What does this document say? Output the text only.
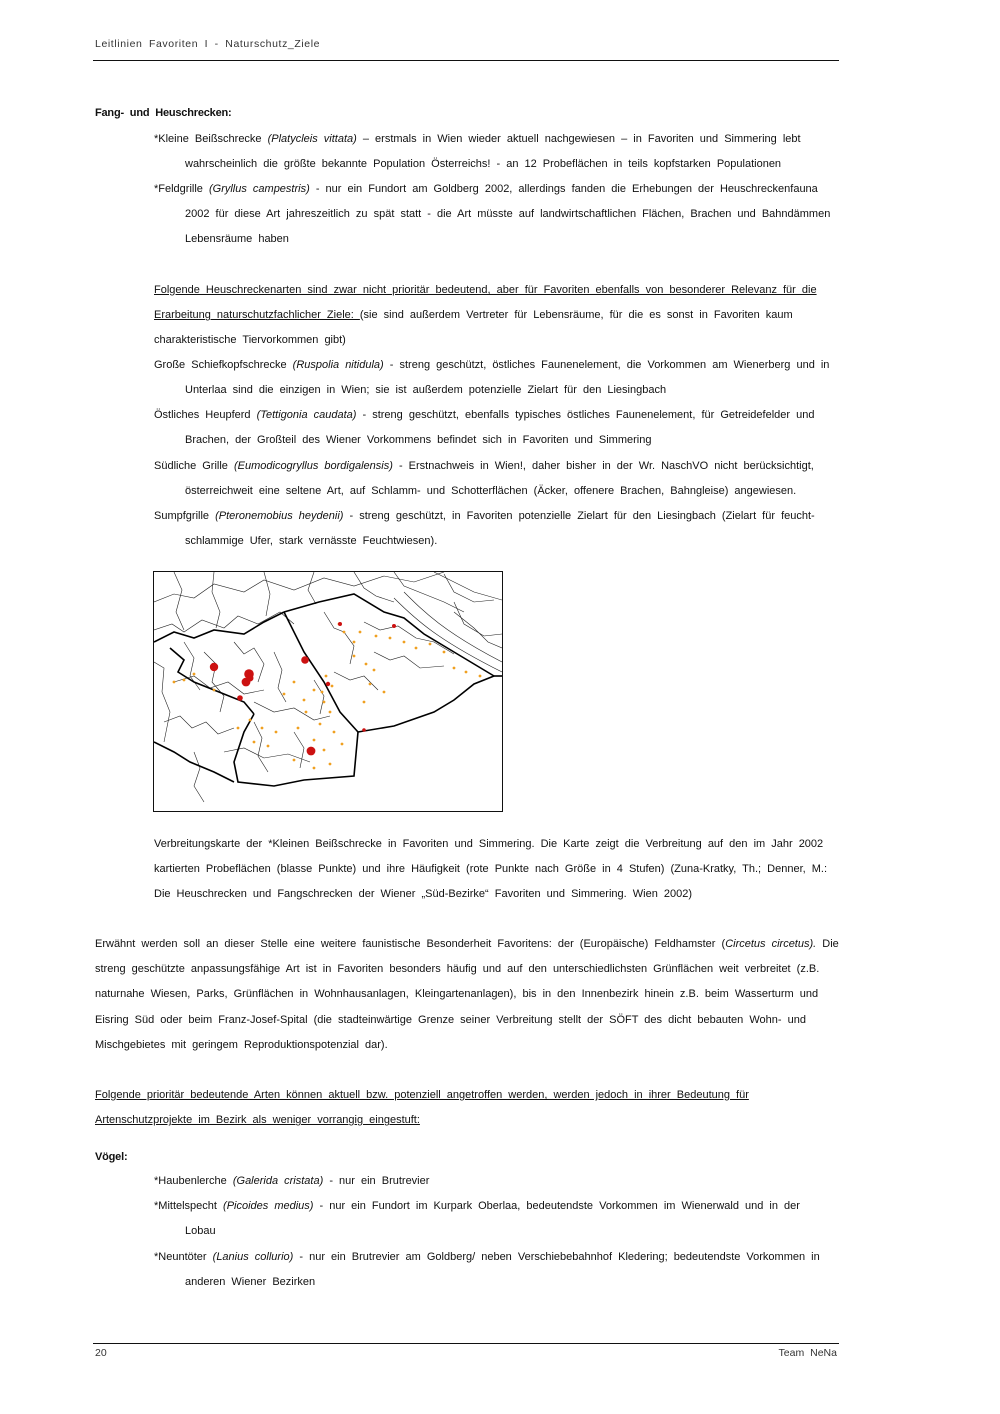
Leitlinien Favoriten I - Naturschutz_Ziele
Fang- und Heuschrecken:
*Kleine Beißschrecke (Platycleis vittata) – erstmals in Wien wieder aktuell nachgewiesen – in Favoriten und Simmering lebt
wahrscheinlich die größte bekannte Population Österreichs! - an 12 Probeflächen in teils kopfstarken Populationen
*Feldgrille (Gryllus campestris) - nur ein Fundort am Goldberg 2002, allerdings fanden die Erhebungen der Heuschreckenfauna
2002 für diese Art jahreszeitlich zu spät statt - die Art müsste auf landwirtschaftlichen Flächen, Brachen und Bahndämmen
Lebensräume haben
Folgende Heuschreckenarten sind zwar nicht prioritär bedeutend, aber für Favoriten ebenfalls von besonderer Relevanz für die
Erarbeitung naturschutzfachlicher Ziele: (sie sind außerdem Vertreter für Lebensräume, für die es sonst in Favoriten kaum
charakteristische Tiervorkommen gibt)
Große Schiefkopfschrecke (Ruspolia nitidula) - streng geschützt, östliches Faunenelement, die Vorkommen am Wienerberg und in
Unterlaa sind die einzigen in Wien; sie ist außerdem potenzielle Zielart für den Liesingbach
Östliches Heupferd (Tettigonia caudata) - streng geschützt, ebenfalls typisches östliches Faunenelement, für Getreidefelder und
Brachen, der Großteil des Wiener Vorkommens befindet sich in Favoriten und Simmering
Südliche Grille (Eumodicogryllus bordigalensis) - Erstnachweis in Wien!, daher bisher in der Wr. NaschVO nicht berücksichtigt,
österreichweit eine seltene Art, auf Schlamm- und Schotterflächen (Äcker, offenere Brachen, Bahngleise) angewiesen.
Sumpfgrille (Pteronemobius heydenii) - streng geschützt, in Favoriten potenzielle Zielart für den Liesingbach (Zielart für feucht-
schlammige Ufer, stark vernässte Feuchtwiesen).
Verbreitungskarte der *Kleinen Beißschrecke in Favoriten und Simmering. Die Karte zeigt die Verbreitung auf den im Jahr 2002
kartierten Probeflächen (blasse Punkte) und ihre Häufigkeit (rote Punkte nach Größe in 4 Stufen) (Zuna-Kratky, Th.; Denner, M.:
Die Heuschrecken und Fangschrecken der Wiener „Süd-Bezirke“ Favoriten und Simmering. Wien 2002)
Erwähnt werden soll an dieser Stelle eine weitere faunistische Besonderheit Favoritens: der (Europäische) Feldhamster (Circetus circetus). Die
streng geschützte anpassungsfähige Art ist in Favoriten besonders häufig und auf den unterschiedlichsten Grünflächen weit verbreitet (z.B.
naturnahe Wiesen, Parks, Grünflächen in Wohnhausanlagen, Kleingartenanlagen), bis in den Innenbezirk hinein z.B. beim Wasserturm und
Eisring Süd oder beim Franz-Josef-Spital (die stadteinwärtige Grenze seiner Verbreitung stellt der SÖFT des dicht bebauten Wohn- und
Mischgebietes mit geringem Reproduktionspotenzial dar).
Folgende prioritär bedeutende Arten können aktuell bzw. potenziell angetroffen werden, werden jedoch in ihrer Bedeutung für
Artenschutzprojekte im Bezirk als weniger vorrangig eingestuft:
Vögel:
*Haubenlerche (Galerida cristata) - nur ein Brutrevier
*Mittelspecht (Picoides medius) - nur ein Fundort im Kurpark Oberlaa, bedeutendste Vorkommen im Wienerwald und in der
Lobau
*Neuntöter (Lanius collurio) - nur ein Brutrevier am Goldberg/ neben Verschiebebahnhof Kledering; bedeutendste Vorkommen in
anderen Wiener Bezirken
20	Team NeNa
